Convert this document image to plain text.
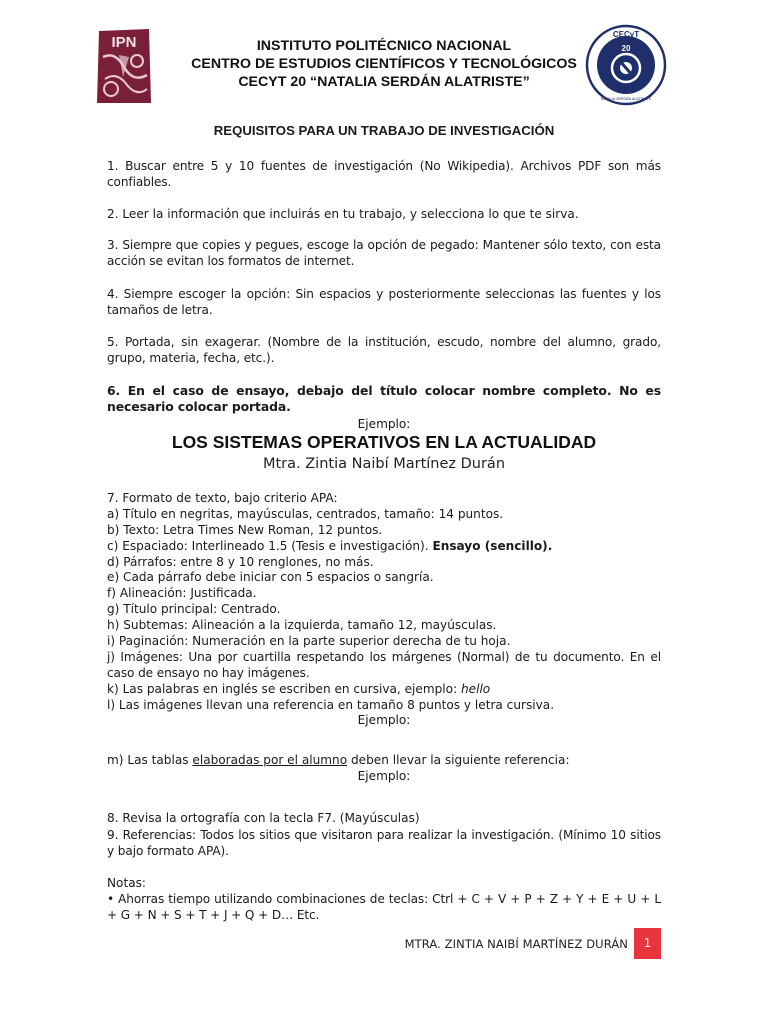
IPN	CECyT
20
NATALIA SERDÁN ALATRISTE
INSTITUTO POLITÉCNICO NACIONAL
CENTRO DE ESTUDIOS CIENTÍFICOS Y TECNOLÓGICOS
CECYT 20 “NATALIA SERDÁN ALATRISTE”
REQUISITOS PARA UN TRABAJO DE INVESTIGACIÓN

1. Buscar entre 5 y 10 fuentes de investigación (No Wikipedia). Archivos PDF son más confiables.

2. Leer la información que incluirás en tu trabajo, y selecciona lo que te sirva.

3. Siempre que copies y pegues, escoge la opción de pegado: Mantener sólo texto, con esta acción se evitan los formatos de internet.

4. Siempre escoger la opción: Sin espacios y posteriormente seleccionas las fuentes y los tamaños de letra.

5. Portada, sin exagerar. (Nombre de la institución, escudo, nombre del alumno, grado, grupo, materia, fecha, etc.).

6. En el caso de ensayo, debajo del título colocar nombre completo. No es necesario colocar portada.

Ejemplo:
LOS SISTEMAS OPERATIVOS EN LA ACTUALIDAD
Mtra. Zintia Naibí Martínez Durán
7. Formato de texto, bajo criterio APA:
a) Título en negritas, mayúsculas, centrados, tamaño: 14 puntos.
b) Texto: Letra Times New Roman, 12 puntos.
c) Espaciado: Interlineado 1.5 (Tesis e investigación). Ensayo (sencillo).
d) Párrafos: entre 8 y 10 renglones, no más.
e) Cada párrafo debe iniciar con 5 espacios o sangría.
f) Alineación: Justificada.
g) Título principal: Centrado.
h) Subtemas: Alineación a la izquierda, tamaño 12, mayúsculas.
i) Paginación: Numeración en la parte superior derecha de tu hoja.

j) Imágenes: Una por cuartilla respetando los márgenes (Normal) de tu documento. En el caso de ensayo no hay imágenes.

k) Las palabras en inglés se escriben en cursiva, ejemplo: hello
l) Las imágenes llevan una referencia en tamaño 8 puntos y letra cursiva.
Ejemplo:
m) Las tablas elaboradas por el alumno deben llevar la siguiente referencia:
Ejemplo:
8. Revisa la ortografía con la tecla F7. (Mayúsculas)

9. Referencias: Todos los sitios que visitaron para realizar la investigación. (Mínimo 10 sitios y bajo formato APA).

Notas:

• Ahorras tiempo utilizando combinaciones de teclas: Ctrl + C + V + P + Z + Y + E + U + L + G + N + S + T + J + Q + D… Etc.

MTRA. ZINTIA NAIBÍ MARTÍNEZ DURÁN	1
